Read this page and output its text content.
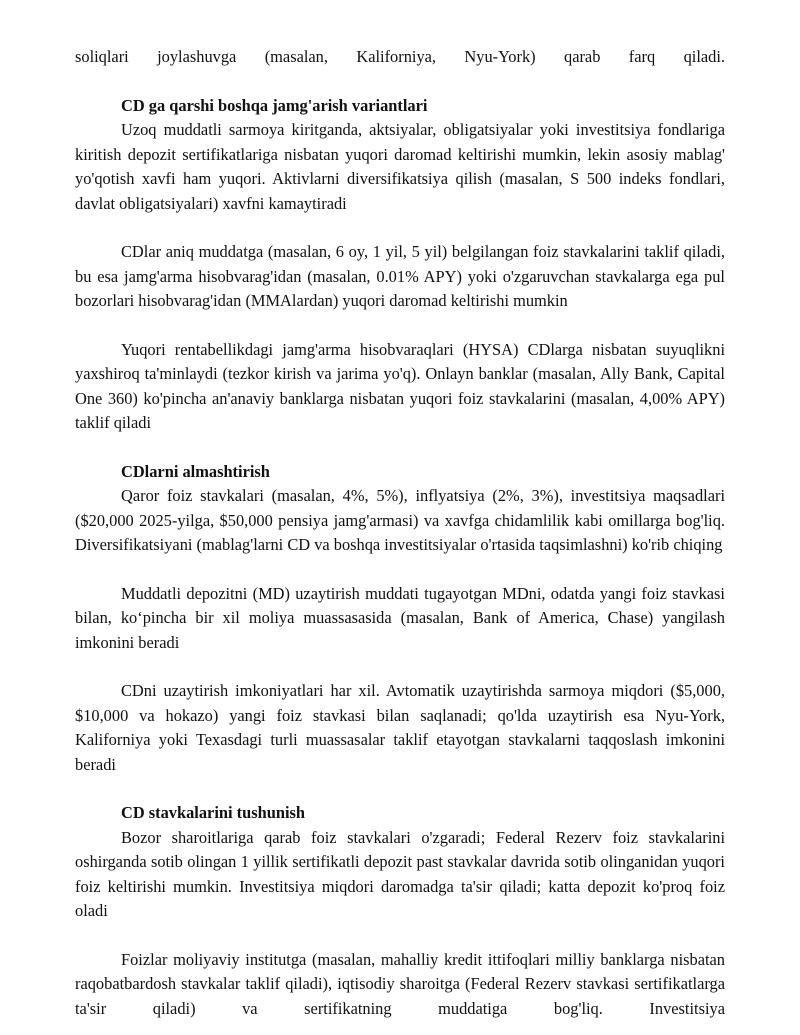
soliqlari joylashuvga (masalan, Kaliforniya, Nyu-York) qarab farq qiladi.

CD ga qarshi boshqa jamg'arish variantlari

Uzoq muddatli sarmoya kiritganda, aktsiyalar, obligatsiyalar yoki investitsiya fondlariga kiritish depozit sertifikatlariga nisbatan yuqori daromad keltirishi mumkin, lekin asosiy mablag' yo'qotish xavfi ham yuqori. Aktivlarni diversifikatsiya qilish (masalan, S 500 indeks fondlari, davlat obligatsiyalari) xavfni kamaytiradi

CDlar aniq muddatga (masalan, 6 oy, 1 yil, 5 yil) belgilangan foiz stavkalarini taklif qiladi, bu esa jamg'arma hisobvarag'idan (masalan, 0.01% APY) yoki o'zgaruvchan stavkalarga ega pul bozorlari hisobvarag'idan (MMAlardan) yuqori daromad keltirishi mumkin

Yuqori rentabellikdagi jamg'arma hisobvaraqlari (HYSA) CDlarga nisbatan suyuqlikni yaxshiroq ta'minlaydi (tezkor kirish va jarima yo'q). Onlayn banklar (masalan, Ally Bank, Capital One 360) ko'pincha an'anaviy banklarga nisbatan yuqori foiz stavkalarini (masalan, 4,00% APY) taklif qiladi

CDlarni almashtirish

Qaror foiz stavkalari (masalan, 4%, 5%), inflyatsiya (2%, 3%), investitsiya maqsadlari ($20,000 2025-yilga, $50,000 pensiya jamg'armasi) va xavfga chidamlilik kabi omillarga bog'liq. Diversifikatsiyani (mablag'larni CD va boshqa investitsiyalar o'rtasida taqsimlashni) ko'rib chiqing

Muddatli depozitni (MD) uzaytirish muddati tugayotgan MDni, odatda yangi foiz stavkasi bilan, ko‘pincha bir xil moliya muassasasida (masalan, Bank of America, Chase) yangilash imkonini beradi

CDni uzaytirish imkoniyatlari har xil. Avtomatik uzaytirishda sarmoya miqdori ($5,000, $10,000 va hokazo) yangi foiz stavkasi bilan saqlanadi; qo'lda uzaytirish esa Nyu-York, Kaliforniya yoki Texasdagi turli muassasalar taklif etayotgan stavkalarni taqqoslash imkonini beradi

CD stavkalarini tushunish

Bozor sharoitlariga qarab foiz stavkalari o'zgaradi; Federal Rezerv foiz stavkalarini oshirganda sotib olingan 1 yillik sertifikatli depozit past stavkalar davrida sotib olinganidan yuqori foiz keltirishi mumkin. Investitsiya miqdori daromadga ta'sir qiladi; katta depozit ko'proq foiz oladi

Foizlar moliyaviy institutga (masalan, mahalliy kredit ittifoqlari milliy banklarga nisbatan raqobatbardosh stavkalar taklif qiladi), iqtisodiy sharoitga (Federal Rezerv stavkasi sertifikatlarga ta'sir qiladi) va sertifikatning muddatiga bog'liq. Investitsiya
